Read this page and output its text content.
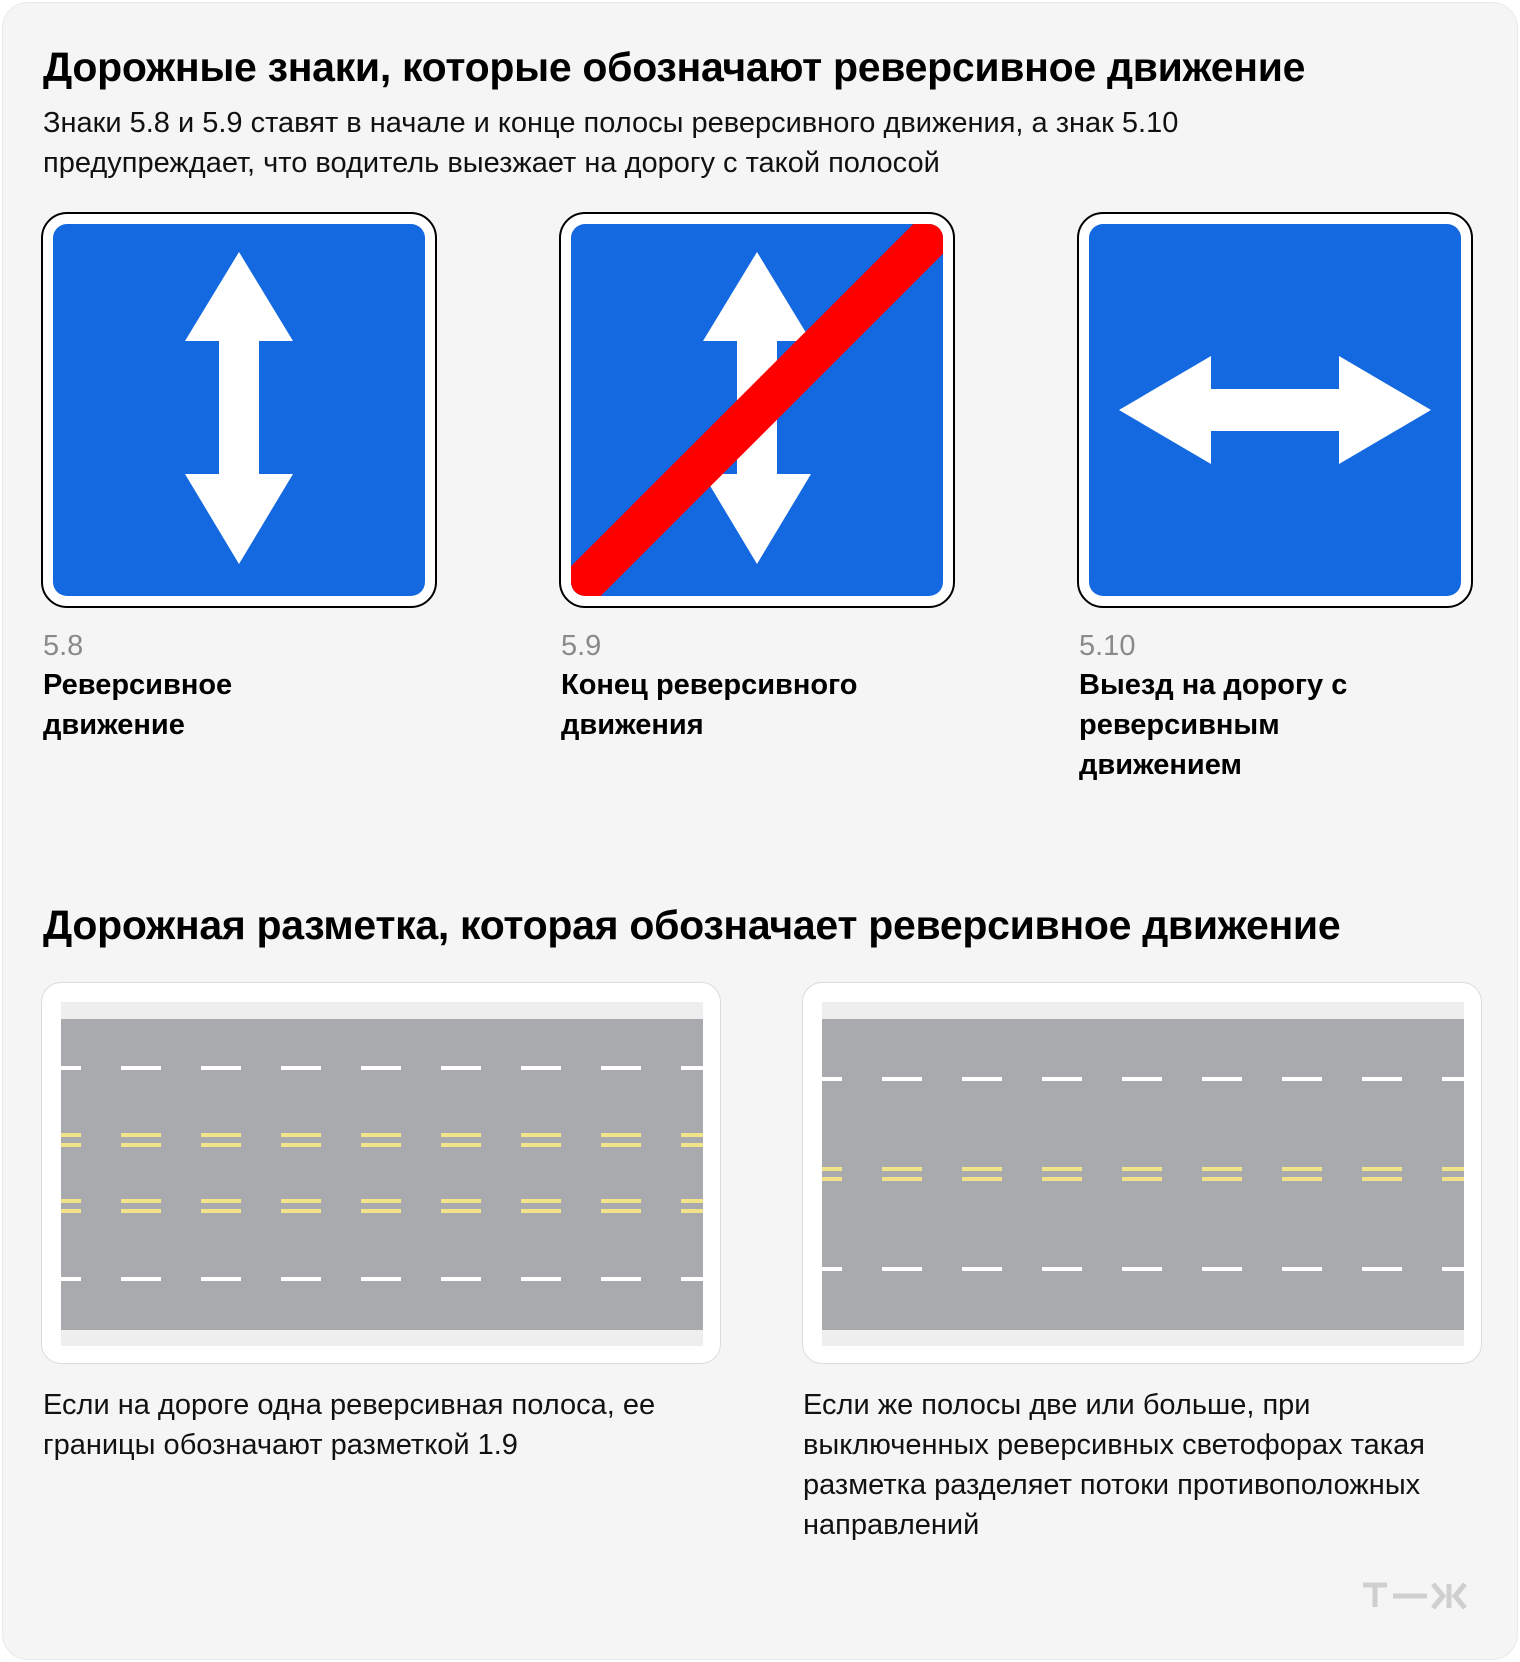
Дорожные знаки, которые обозначают реверсивное движение
Знаки 5.8 и 5.9 ставят в начале и конце полосы реверсивного движения, а знак 5.10 предупреждает, что водитель выезжает на дорогу с такой полосой
5.8
Реверсивное движение
5.9
Конец реверсивного движения
5.10
Выезд на дорогу с реверсивным движением
Дорожная разметка, которая обозначает реверсивное движение
Если на дороге одна реверсивная полоса, ее границы обозначают разметкой 1.9
Если же полосы две или больше, при выключенных реверсивных светофорах такая разметка разделяет потоки противоположных направлений
